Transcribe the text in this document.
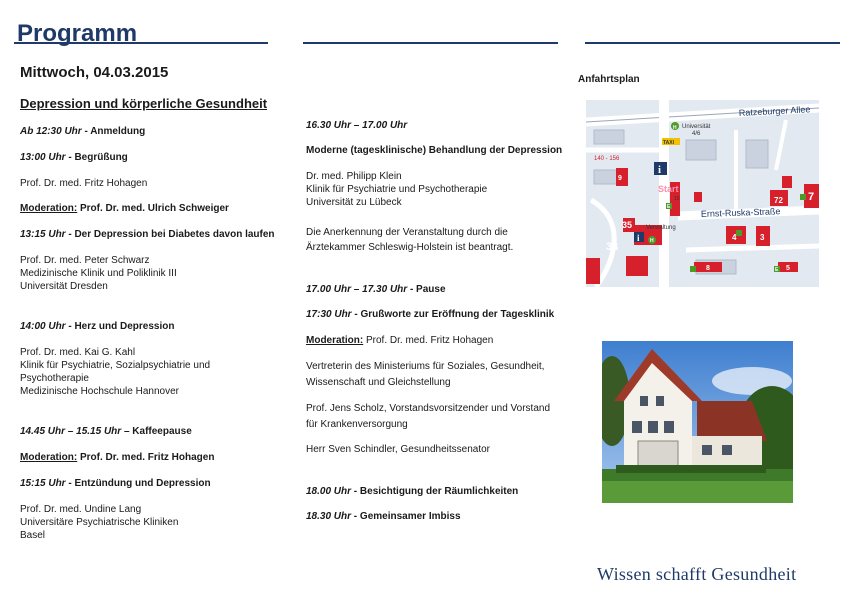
Programm
Mittwoch, 04.03.2015
Depression und körperliche Gesundheit
Ab 12:30 Uhr - Anmeldung
13:00 Uhr - Begrüßung
Prof. Dr. med. Fritz Hohagen
Moderation: Prof. Dr. med. Ulrich Schweiger
13:15 Uhr - Der Depression bei Diabetes davon laufen
Prof. Dr. med. Peter Schwarz
Medizinische Klinik und Poliklinik III
Universität Dresden
14:00 Uhr - Herz und Depression
Prof. Dr. med. Kai G. Kahl
Klinik für Psychiatrie, Sozialpsychiatrie und
Psychotherapie
Medizinische Hochschule Hannover
14.45 Uhr – 15.15 Uhr – Kaffeepause
Moderation: Prof. Dr. med. Fritz Hohagen
15:15 Uhr - Entzündung und Depression
Prof. Dr. med. Undine Lang
Universitäre Psychiatrische Kliniken
Basel
16.30 Uhr – 17.00 Uhr
Moderne (tagesklinische) Behandlung der Depression
Dr. med. Philipp Klein
Klinik für Psychiatrie und Psychotherapie
Universität zu Lübeck
Die Anerkennung der Veranstaltung durch die
Ärztekammer Schleswig-Holstein ist beantragt.
17.00 Uhr – 17.30 Uhr - Pause
17:30 Uhr - Grußworte zur Eröffnung der Tagesklinik
Moderation: Prof. Dr. med. Fritz Hohagen
Vertreterin des Ministeriums für Soziales, Gesundheit,
Wissenschaft und Gleichstellung
Prof. Jens Scholz, Vorstandsvorsitzender und Vorstand
für Krankenversorgung
Herr Sven Schindler, Gesundheitssenator
18.00 Uhr - Besichtigung der Räumlichkeiten
18.30 Uhr - Gemeinsamer Imbiss
Anfahrtsplan
Ratzeburger Allee
Ernst-Ruska-Straße
Universität
4/6
TAXI
140 - 156
Start
Verwaltung
35
34
72 7
8	5
3
4
9
15
i
i
H
H
E
E
Wissen schafft Gesundheit
